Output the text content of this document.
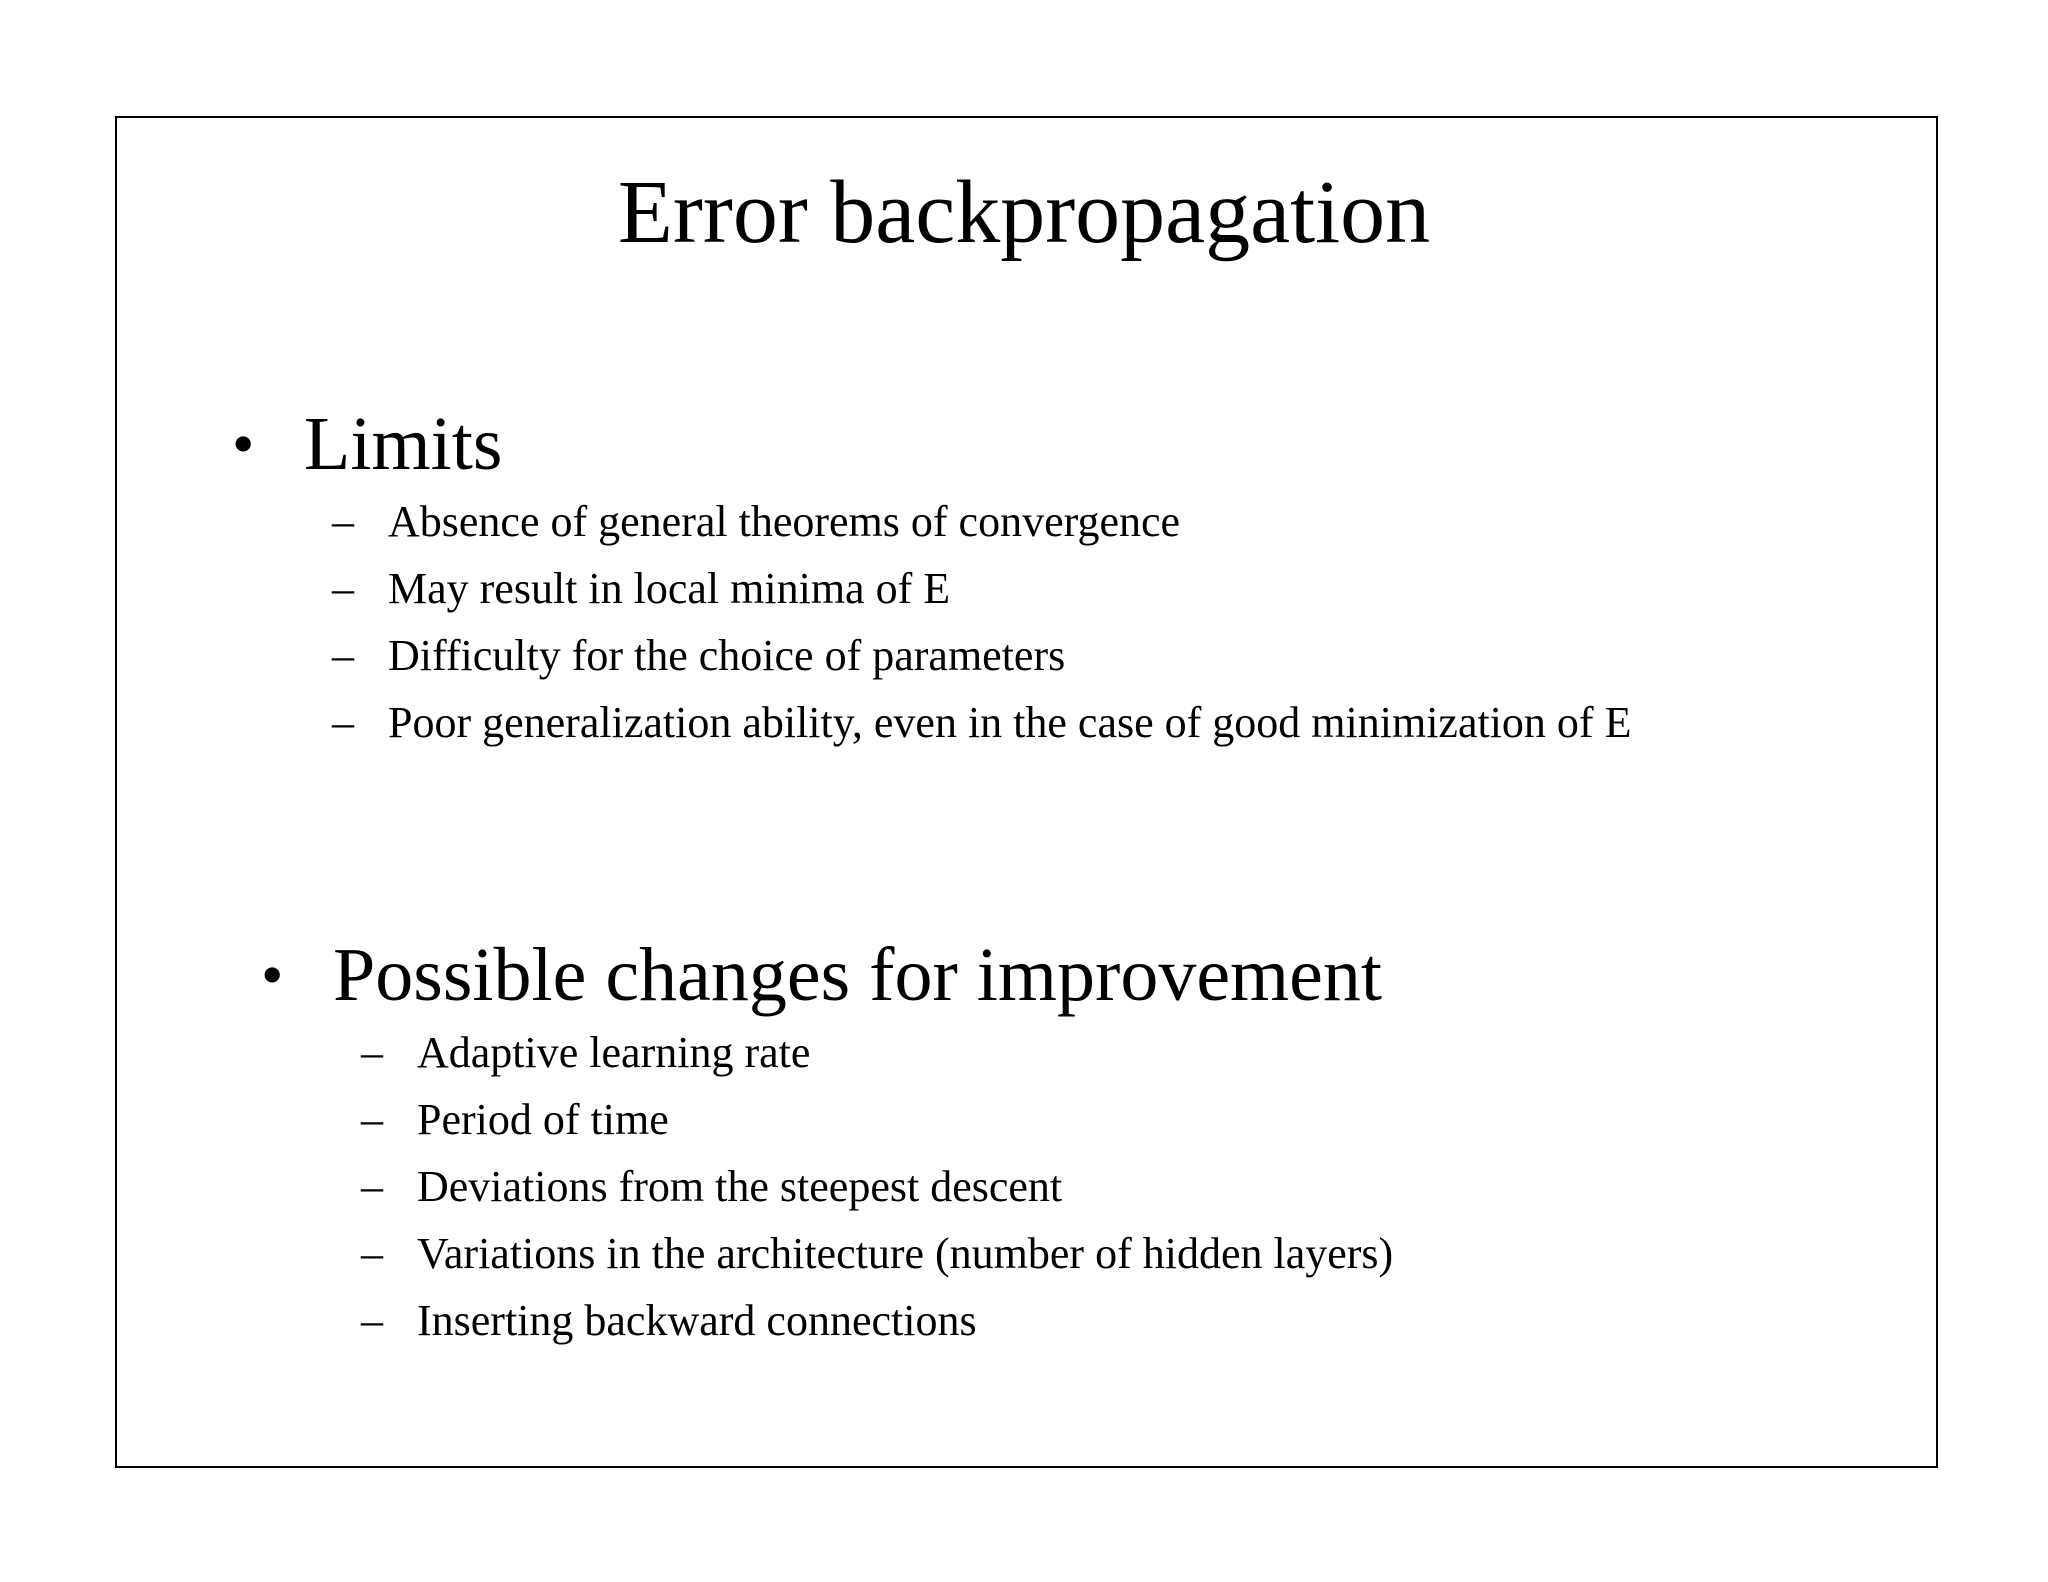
Error backpropagation
• Limits
– Absence of general theorems of convergence
– May result in local minima of E
– Difficulty for the choice of parameters
– Poor generalization ability, even in the case of good minimization of E
• Possible changes for improvement
– Adaptive learning rate
– Period of time
– Deviations from the steepest descent
– Variations in the architecture (number of hidden layers)
– Inserting backward connections
